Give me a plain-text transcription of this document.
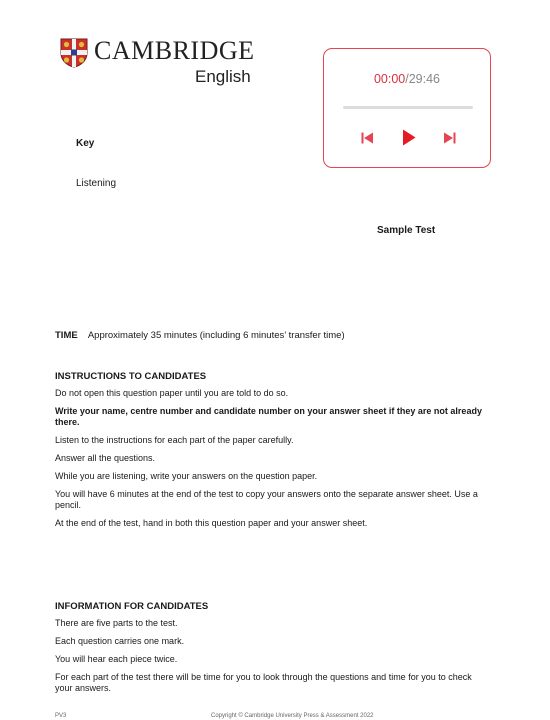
CAMBRIDGE
English	00:00/29:46
Key
Listening
Sample Test
TIME Approximately 35 minutes (including 6 minutes’ transfer time)
INSTRUCTIONS TO CANDIDATES

Do not open this question paper until you are told to do so.

Write your name, centre number and candidate number on your answer sheet if they are not already there.

Listen to the instructions for each part of the paper carefully.

Answer all the questions.

While you are listening, write your answers on the question paper.

You will have 6 minutes at the end of the test to copy your answers onto the separate answer sheet. Use a pencil.

At the end of the test, hand in both this question paper and your answer sheet.

INFORMATION FOR CANDIDATES

There are five parts to the test.

Each question carries one mark.

You will hear each piece twice.

For each part of the test there will be time for you to look through the questions and time for you to check your answers.

PV3	Copyright © Cambridge University Press & Assessment 2022
